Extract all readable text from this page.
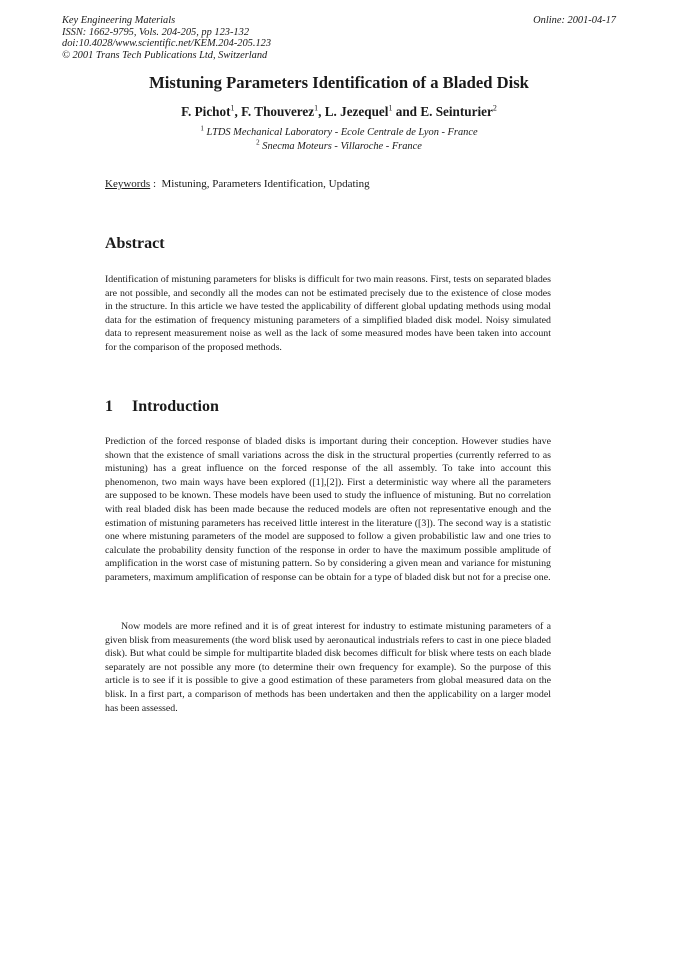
Key Engineering Materials
ISSN: 1662-9795, Vols. 204-205, pp 123-132
doi:10.4028/www.scientific.net/KEM.204-205.123
© 2001 Trans Tech Publications Ltd, Switzerland
Online: 2001-04-17
Mistuning Parameters Identification of a Bladed Disk
F. Pichot$^1$, F. Thouverez$^1$, L. Jezequel$^1$ and E. Seinturier$^2$
$^1$ LTDS Mechanical Laboratory - Ecole Centrale de Lyon - France
$^2$ Snecma Moteurs - Villaroche - France
Keywords : Mistuning, Parameters Identification, Updating
Abstract

Identification of mistuning parameters for blisks is difficult for two main reasons. First, tests on separated blades are not possible, and secondly all the modes can not be estimated precisely due to the existence of close modes in the structure. In this article we have tested the applicability of different global updating methods using modal data for the estimation of frequency mistuning parameters of a simplified bladed disk model. Noisy simulated data to represent measurement noise as well as the lack of some measured modes have been taken into account for the comparison of the proposed methods.

1 Introduction

Prediction of the forced response of bladed disks is important during their conception. However studies have shown that the existence of small variations across the disk in the structural properties (currently referred to as mistuning) has a great influence on the forced response of the all assembly. To take into account this phenomenon, two main ways have been explored ([1],[2]). First a deterministic way where all the parameters are supposed to be known. These models have been used to study the influence of mistuning. But no correlation with real bladed disk has been made because the reduced models are often not representative enough and the estimation of mistuning parameters has received little interest in the literature ([3]). The second way is a statistic one where mistuning parameters of the model are supposed to follow a given probabilistic law and one tries to calculate the probability density function of the response in order to have the maximum possible amplitude of amplification in the worst case of mistuning pattern. So by considering a given mean and variance for mistuning parameters, maximum amplification of response can be obtain for a type of bladed disk but not for a precise one.

Now models are more refined and it is of great interest for industry to estimate mistuning parameters of a given blisk from measurements (the word blisk used by aeronautical industrials refers to cast in one piece bladed disk). But what could be simple for multipartite bladed disk becomes difficult for blisk where tests on each blade separately are not possible any more (to determine their own frequency for example). So the purpose of this article is to see if it is possible to give a good estimation of these parameters from global measured data on the blisk. In a first part, a comparison of methods has been undertaken and then the applicability on a larger model has been assessed.
